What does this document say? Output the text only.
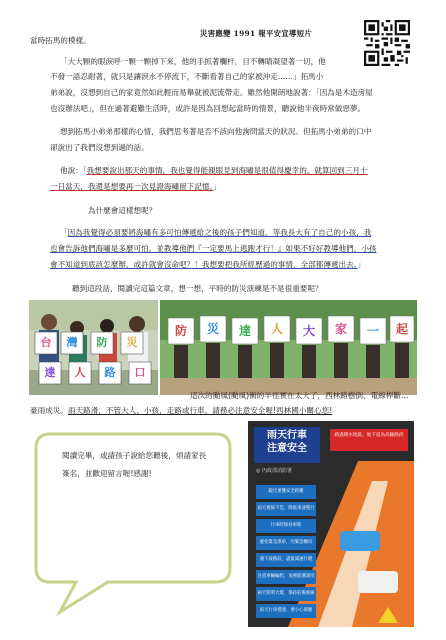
災害應變 1991 報平安宣導短片
當時拓馬的模樣。
「大大顆的眼淚呼一顆一顆掉下來，他的手抓著欄杆，目不轉睛凝望著一切，他
不發一語忍耐著，就只是讓淚水不停流下，不斷看著自己的家被沖走……」拓馬小
弟弟說，沒想到自己的家竟然如此輕而易舉就被泥流帶走。雖然他開朗地說著：「因為是木造房屋
也沒辦法吧」，但在過著避難生活時，或許是因為回想起當時的情景，聽說他半夜時常做惡夢。
想到拓馬小弟弟那樣的心情，我們思考著是否不該向他詢問當天的狀況。但拓馬小弟弟的口中
卻說出了我們沒想到過的話。
他說：「我想要說出那天的事情，我也覺得能親眼見到海嘯是很值得慶幸的。就算回到三月十
一日當天，我還是想要再一次見證海嘯留下記憶。」
為什麼會這樣想呢？
「因為我覺得必須要將海嘯有多可怕傳遞給之後的孩子們知道。等我長大有了自己的小孩，我
也會告訴他們海嘯是多麼可怕，並教導他們『一定要馬上逃跑才行！』如果不好好教導他們，小孩
會不知道到底該怎麼辦，或許就會沒命吧？！我想要把我所經歷過的事情，全部都傳遞出去。」
聽到這段話，閱讀完這篇文章，想一想，平時的防災演練是不是很重要呢？
台	灣	防	災
達	人	路	口
防	災	達	人	大	家	一	起
這次的颱風(颱風)衝的半徑實在太大了，西林路樹倒、電線桿斷…
豪雨成災。雨天路滑，不管大人、小孩，走路或行車，請務必注意安全喔!西林國小關心您!
閱讀完畢，或請孩子說給您聽後，煩請家長
簽名，並歡迎留言喔!感謝!
雨天行車
注意安全
◎ 內政部消防署
路過積水地區，地下道為高險路段
範氏重疊安全距離
雨天視線不佳，降低車速慢行
行車時保持車距
避免緊急煞車，勿緊急轉向
遇下坡路段，盡量減速行駛
注意車輛輪胎，加強胎溝深度
兩天照明大燈，保持前後視線
雨天行車慢速，要小心駕駛
